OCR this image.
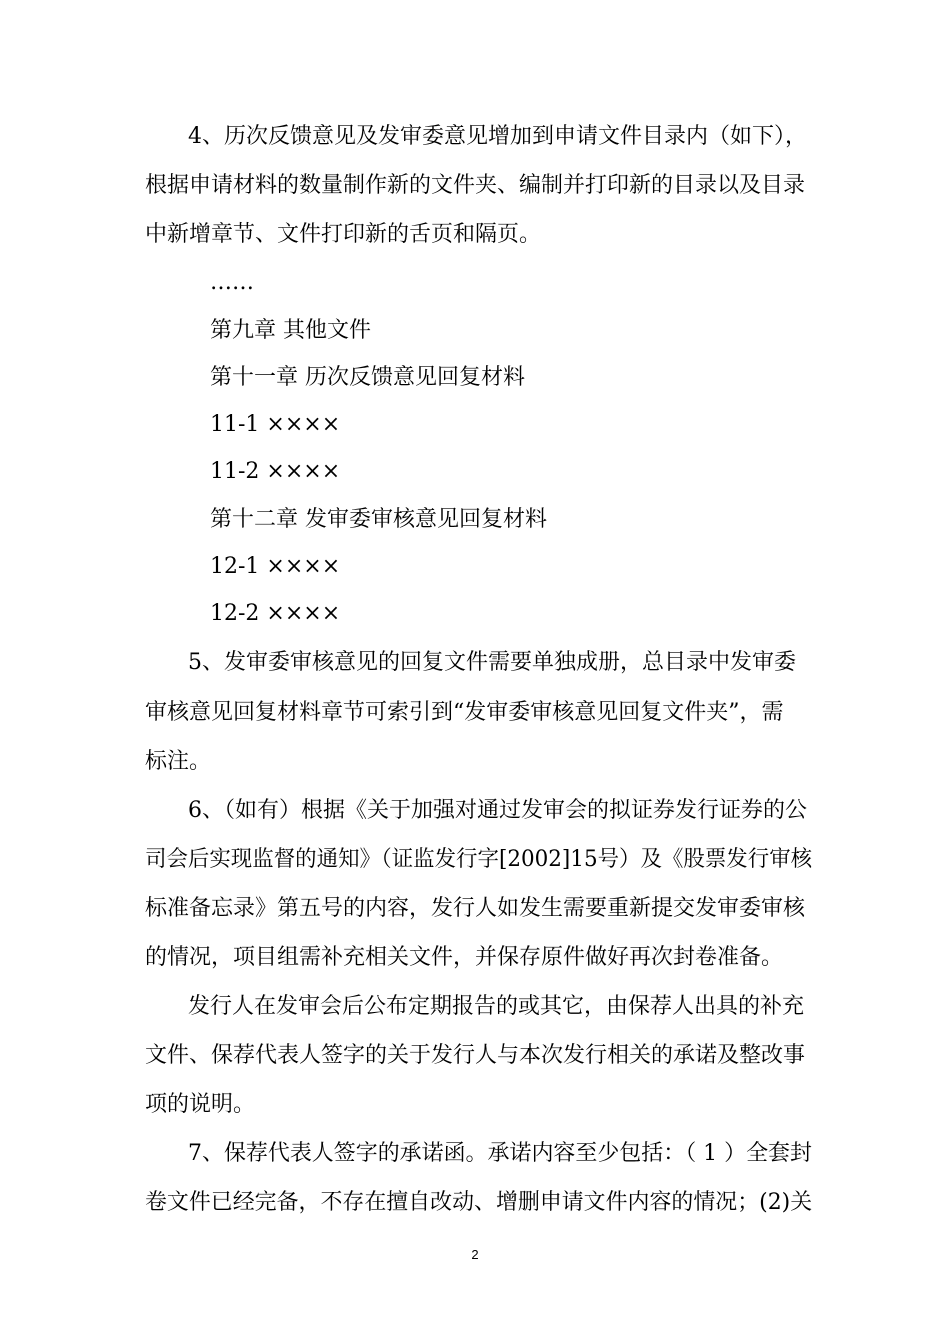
4、历次反馈意见及发审委意见增加到申请文件目录内（如下），
根据申请材料的数量制作新的文件夹、编制并打印新的目录以及目录
中新增章节、文件打印新的舌页和隔页。
……
第九章 其他文件
第十一章 历次反馈意见回复材料
11-1 ××××
11-2 ××××
第十二章 发审委审核意见回复材料
12-1 ××××
12-2 ××××
5、发审委审核意见的回复文件需要单独成册，总目录中发审委
审核意见回复材料章节可索引到“发审委审核意见回复文件夹”，需
标注。
6、（如有）根据《关于加强对通过发审会的拟证券发行证券的公
司会后实现监督的通知》（证监发行字[2002]15号）及《股票发行审核
标准备忘录》第五号的内容，发行人如发生需要重新提交发审委审核
的情况，项目组需补充相关文件，并保存原件做好再次封卷准备。
发行人在发审会后公布定期报告的或其它，由保荐人出具的补充
文件、保荐代表人签字的关于发行人与本次发行相关的承诺及整改事
项的说明。
7、保荐代表人签字的承诺函。承诺内容至少包括：（ 1 ）全套封
卷文件已经完备，不存在擅自改动、增删申请文件内容的情况；(2)关
2
